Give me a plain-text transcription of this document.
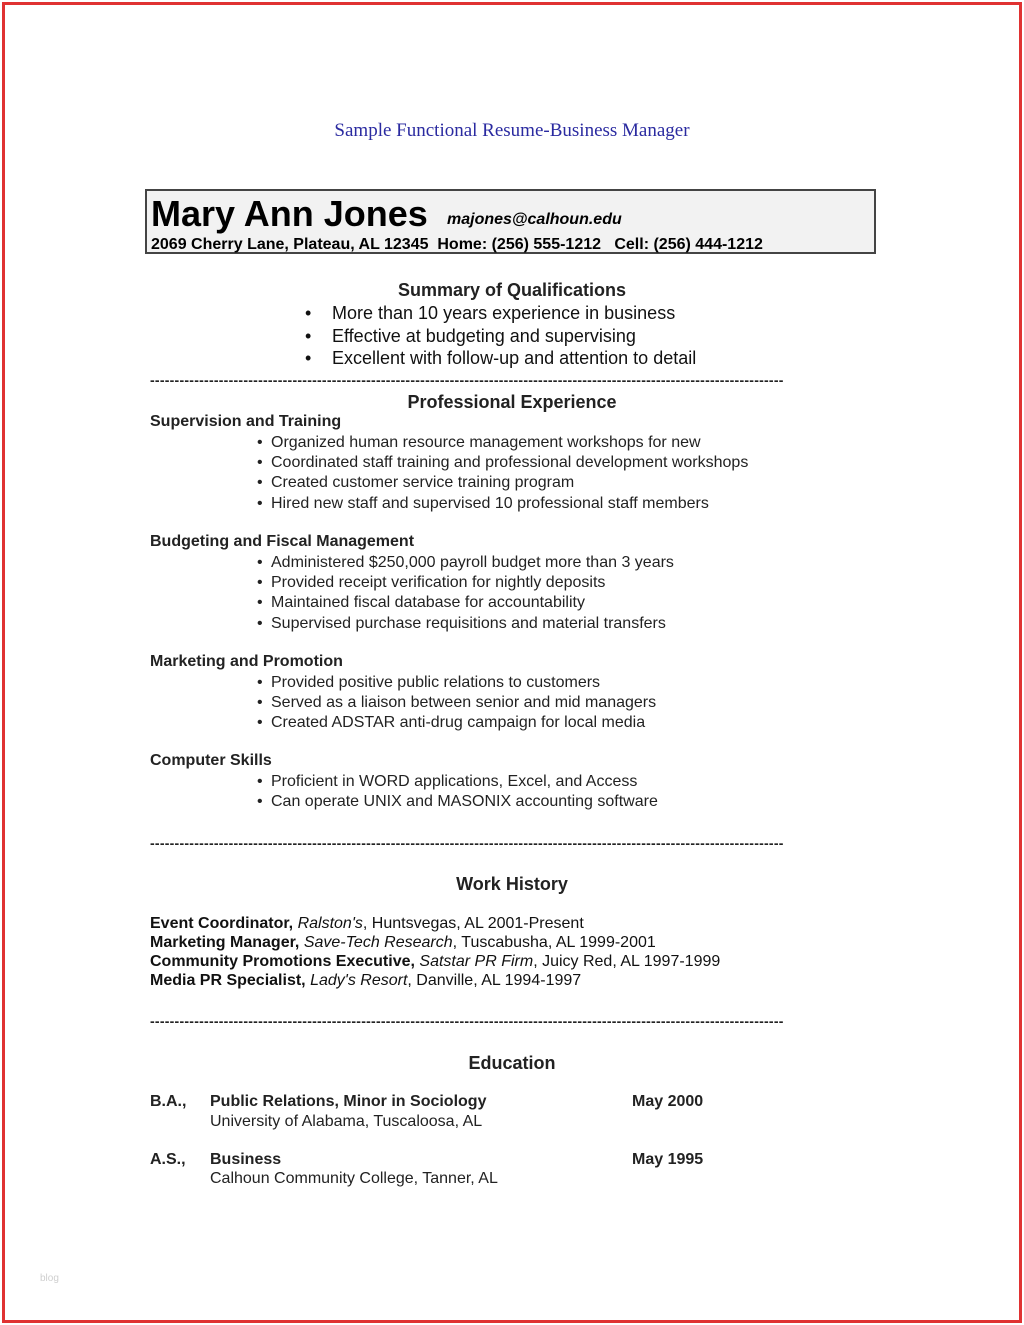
Sample Functional Resume-Business Manager
Mary Ann Jones majones@calhoun.edu
2069 Cherry Lane, Plateau, AL 12345  Home: (256) 555-1212   Cell: (256) 444-1212
Summary of Qualifications
• More than 10 years experience in business
• Effective at budgeting and supervising
• Excellent with follow-up and attention to detail
---------------------------------------------------------------------------------------------------------------------------------
Professional Experience
Supervision and Training
• Organized human resource management workshops for new
• Coordinated staff training and professional development workshops
• Created customer service training program
• Hired new staff and supervised 10 professional staff members
Budgeting and Fiscal Management
• Administered $250,000 payroll budget more than 3 years
• Provided receipt verification for nightly deposits
• Maintained fiscal database for accountability
• Supervised purchase requisitions and material transfers
Marketing and Promotion
• Provided positive public relations to customers
• Served as a liaison between senior and mid managers
• Created ADSTAR anti-drug campaign for local media
Computer Skills
• Proficient in WORD applications, Excel, and Access
• Can operate UNIX and MASONIX accounting software
---------------------------------------------------------------------------------------------------------------------------------
Work History
Event Coordinator, Ralston's, Huntsvegas, AL 2001-Present
Marketing Manager, Save-Tech Research, Tuscabusha, AL 1999-2001
Community Promotions Executive, Satstar PR Firm, Juicy Red, AL 1997-1999
Media PR Specialist, Lady's Resort, Danville, AL 1994-1997
---------------------------------------------------------------------------------------------------------------------------------
Education
B.A., Public Relations, Minor in Sociology	May 2000
University of Alabama, Tuscaloosa, AL
A.S., Business	May 1995
Calhoun Community College, Tanner, AL
blog
